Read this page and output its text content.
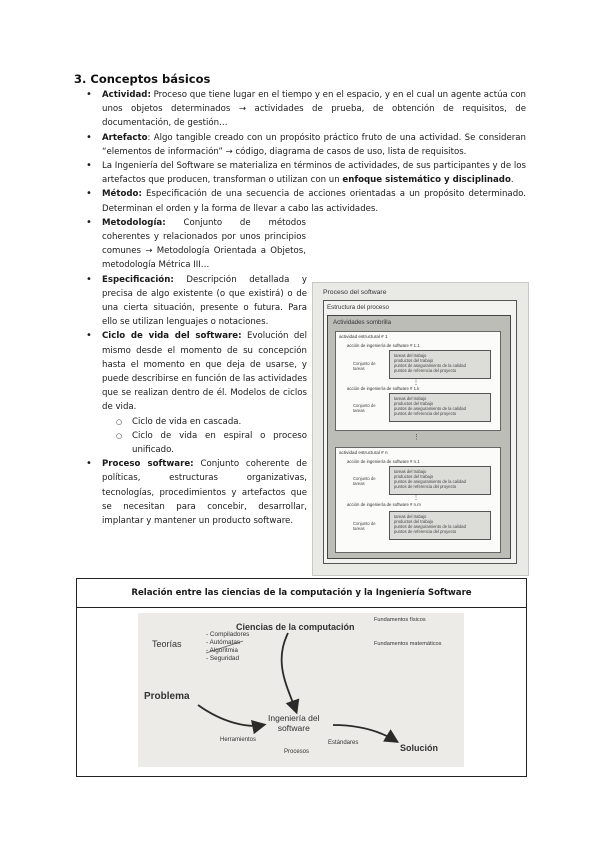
3. Conceptos básicos
• Actividad: Proceso que tiene lugar en el tiempo y en el espacio, y en el cual un agente actúa con unos objetos determinados → actividades de prueba, de obtención de requisitos, de documentación, de gestión…
• Artefacto: Algo tangible creado con un propósito práctico fruto de una actividad. Se consideran “elementos de información” → código, diagrama de casos de uso, lista de requisitos.
• La Ingeniería del Software se materializa en términos de actividades, de sus participantes y de los artefactos que producen, transforman o utilizan con un enfoque sistemático y disciplinado.
• Método: Especificación de una secuencia de acciones orientadas a un propósito determinado. Determinan el orden y la forma de llevar a cabo las actividades.
• Metodología: Conjunto de métodos coherentes y relacionados por unos principios comunes → Metodología Orientada a Objetos, metodología Métrica III…
• Especificación: Descripción detallada y precisa de algo existente (o que existirá) o de una cierta situación, presente o futura. Para ello se utilizan lenguajes o notaciones.
• Ciclo de vida del software: Evolución del mismo desde el momento de su concepción hasta el momento en que deja de usarse, y puede describirse en función de las actividades que se realizan dentro de él. Modelos de ciclos de vida.
○ Ciclo de vida en cascada.
○ Ciclo de vida en espiral o proceso unificado.
• Proceso software: Conjunto coherente de políticas, estructuras organizativas, tecnologías, procedimientos y artefactos que se necesitan para concebir, desarrollar, implantar y mantener un producto software.
Proceso del software
Estructura del proceso
Actividades sombrilla
actividad estructural # 1
acción de ingeniería de software # 1.1
Conjunto de tareas
tareas del trabajo
productos del trabajo
puntos de aseguramiento de la calidad
puntos de referencia del proyecto
⋮
acción de ingeniería de software # 1.k
Conjunto de tareas
tareas del trabajo
productos del trabajo
puntos de aseguramiento de la calidad
puntos de referencia del proyecto
⋮
actividad estructural # n
acción de ingeniería de software # n.1
Conjunto de tareas
tareas del trabajo
productos del trabajo
puntos de aseguramiento de la calidad
puntos de referencia del proyecto
⋮
acción de ingeniería de software # n.m
Conjunto de tareas
tareas del trabajo
productos del trabajo
puntos de aseguramiento de la calidad
puntos de referencia del proyecto
Relación entre las ciencias de la computación y la Ingeniería Software
Ciencias de la computación
Teorías
- Compiladores
- Autómatas
- Algoritmia
- Seguridad
Fundamentos físicos
Fundamentos matemáticos
Problema
Ingeniería del
software
Herramientos	Estándares
Procesos	Solución
